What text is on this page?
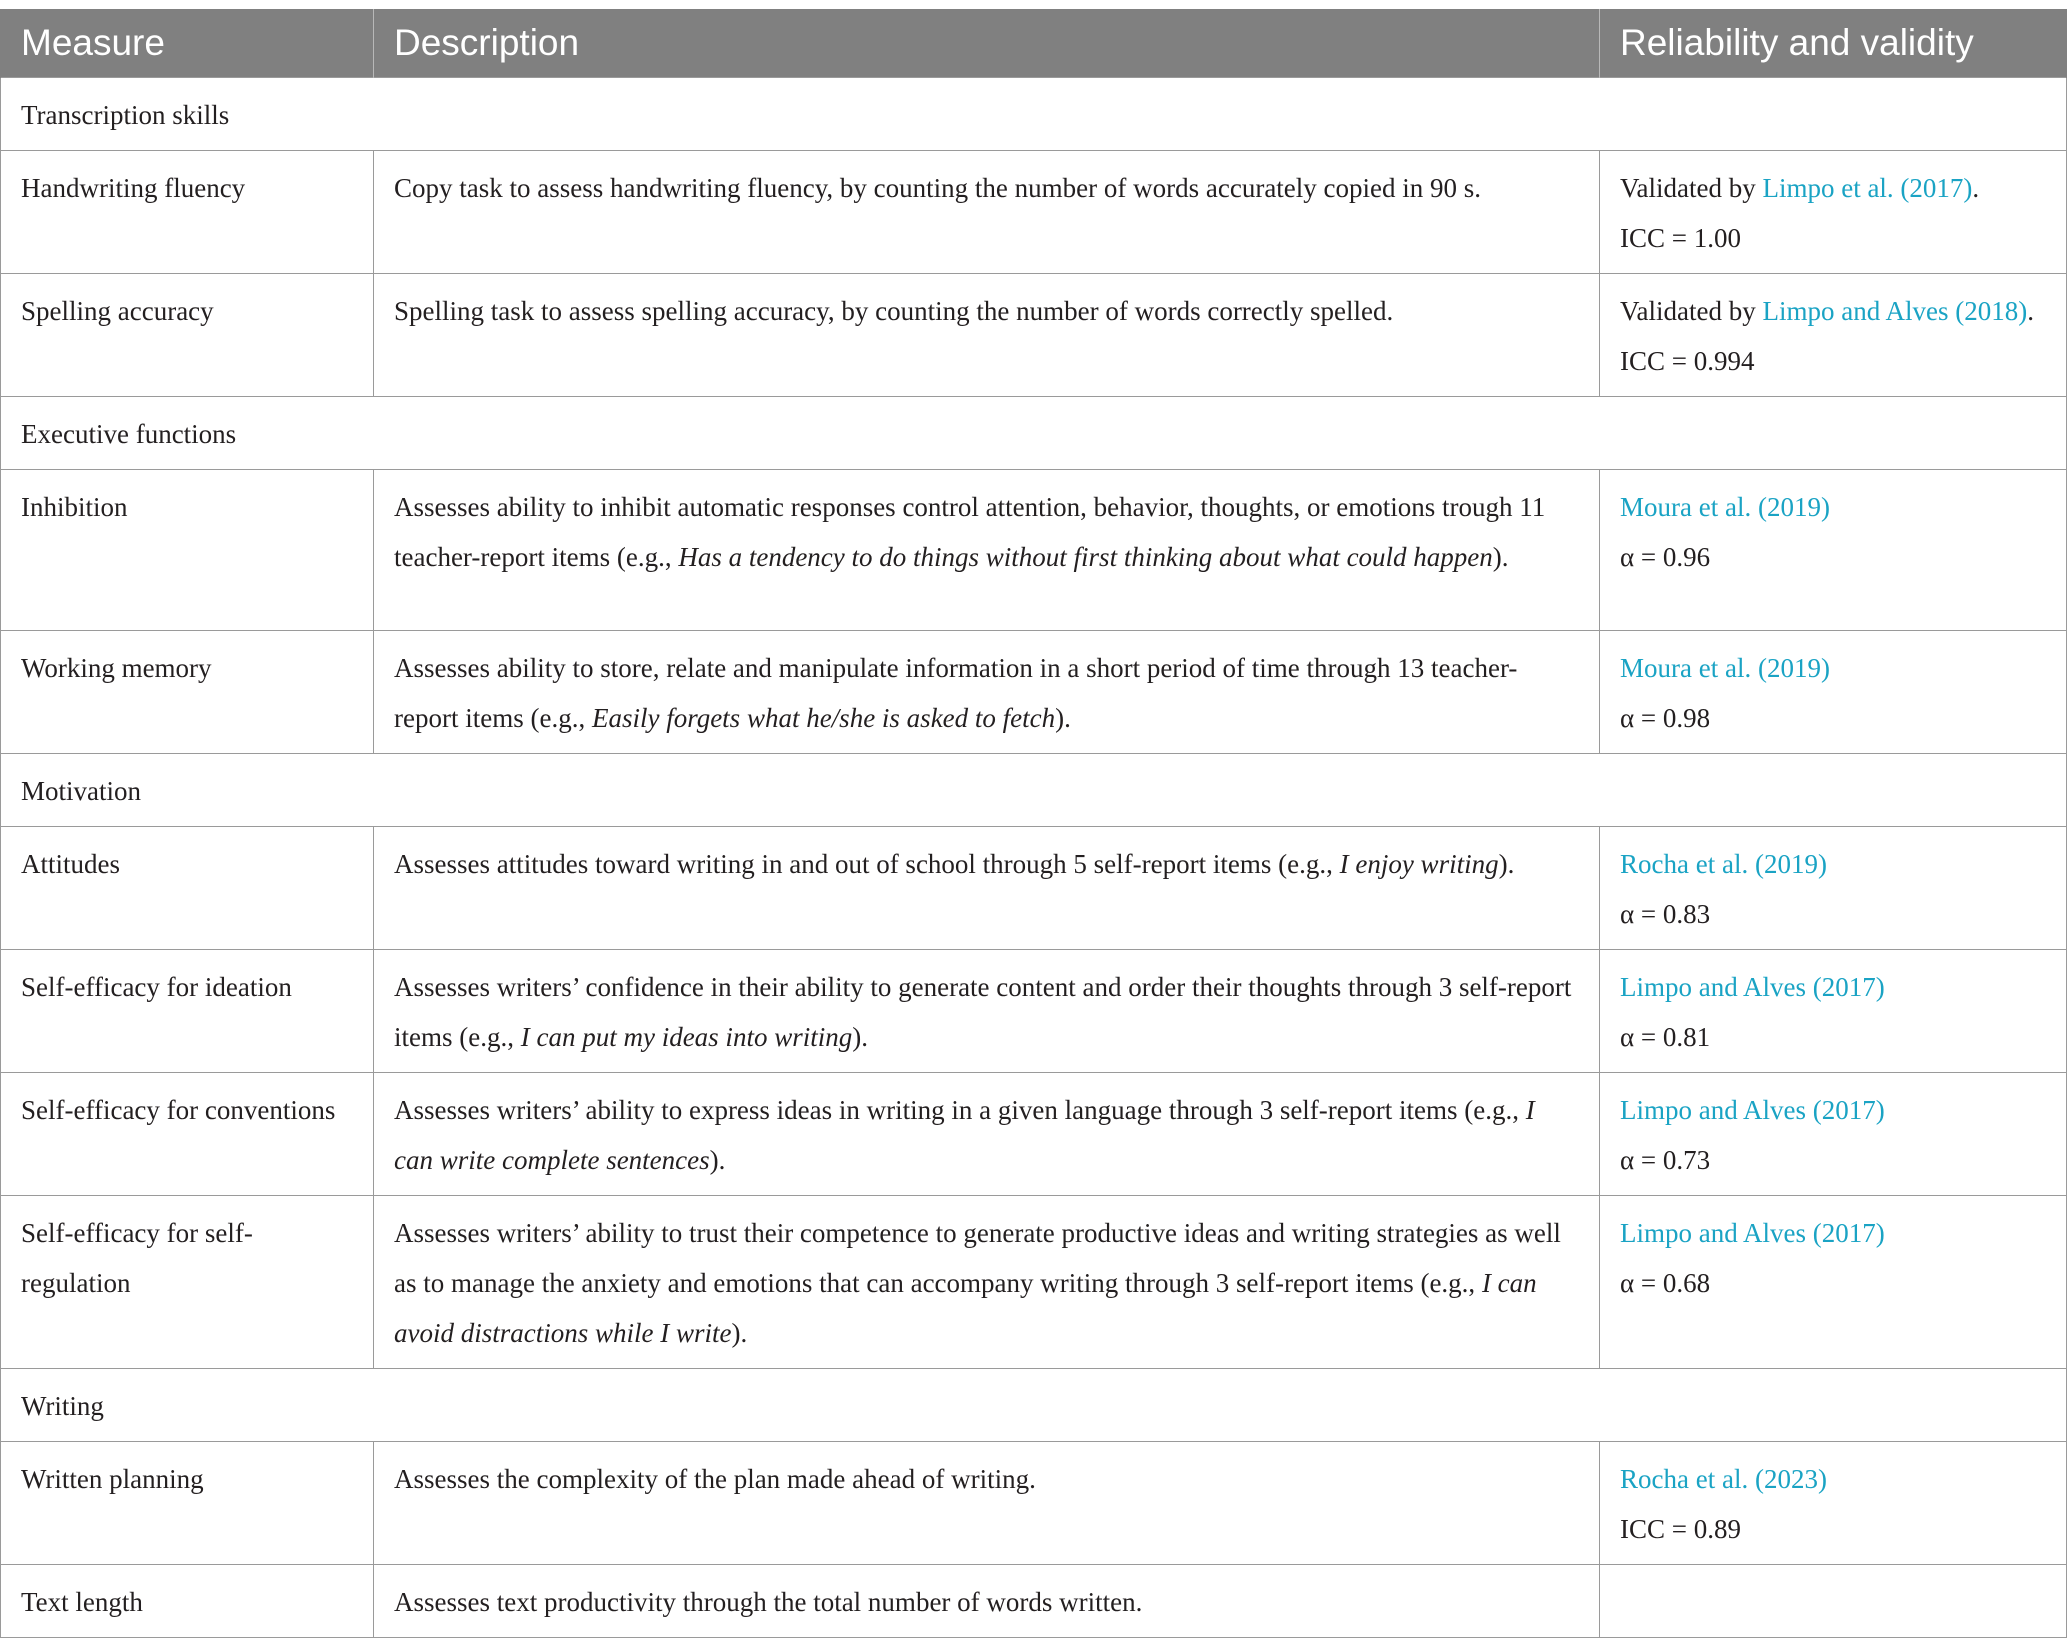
Measure	Description	Reliability and validity
Transcription skills		
Handwriting fluency	Copy task to assess handwriting fluency, by counting the number of words accurately copied in 90 s.	Validated by Limpo et al. (2017).
ICC = 1.00

Spelling accuracy	Spelling task to assess spelling accuracy, by counting the number of words correctly spelled.	Validated by Limpo and Alves (2018). ICC = 0.994
Executive functions		
Inhibition	Assesses ability to inhibit automatic responses control attention, behavior, thoughts, or emotions trough 11 teacher-report items (e.g., Has a tendency to do things without first thinking about what could happen).	Moura et al. (2019)
α = 0.96

Working memory	Assesses ability to store, relate and manipulate information in a short period of time through 13 teacher-report items (e.g., Easily forgets what he/she is asked to fetch).	Moura et al. (2019)
α = 0.98

Motivation		
Attitudes	Assesses attitudes toward writing in and out of school through 5 self-report items (e.g., I enjoy writing).	Rocha et al. (2019)
α = 0.83

Self-efficacy for ideation	Assesses writers’ confidence in their ability to generate content and order their thoughts through 3 self-report items (e.g., I can put my ideas into writing).	Limpo and Alves (2017)
α = 0.81

Self-efficacy for conventions	Assesses writers’ ability to express ideas in writing in a given language through 3 self-report items (e.g., I can write complete sentences).	Limpo and Alves (2017)
α = 0.73

Self-efficacy for self-regulation	Assesses writers’ ability to trust their competence to generate productive ideas and writing strategies as well as to manage the anxiety and emotions that can accompany writing through 3 self-report items (e.g., I can avoid distractions while I write).	Limpo and Alves (2017)
α = 0.68

Writing		
Written planning	Assesses the complexity of the plan made ahead of writing.	Rocha et al. (2023)
ICC = 0.89

Text length	Assesses text productivity through the total number of words written.	
